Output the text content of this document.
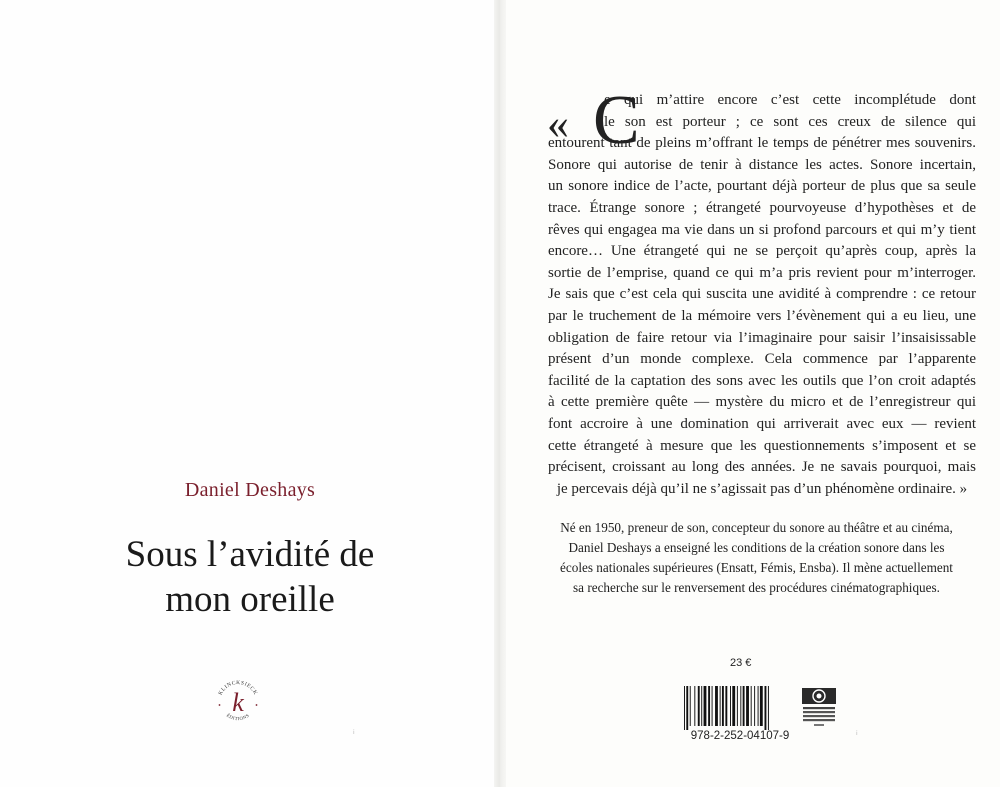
Daniel Deshays
Sous l’avidité de
mon oreille
KLINCKSIECK
ÉDITIONS
k
⁞
« C
e qui m’attire encore c’est cette incomplétude dont
le son est porteur ; ce sont ces creux de silence qui
entourent tant de pleins m’offrant le temps de pénétrer mes souvenirs.
Sonore qui autorise de tenir à distance les actes. Sonore incertain,
un sonore indice de l’acte, pourtant déjà porteur de plus que sa seule
trace. Étrange sonore ; étrangeté pourvoyeuse d’hypothèses et de
rêves qui engagea ma vie dans un si profond parcours et qui m’y tient
encore… Une étrangeté qui ne se perçoit qu’après coup, après la
sortie de l’emprise, quand ce qui m’a pris revient pour m’interroger.
Je sais que c’est cela qui suscita une avidité à comprendre : ce retour
par le truchement de la mémoire vers l’évènement qui a eu lieu, une
obligation de faire retour via l’imaginaire pour saisir l’insaisissable
présent d’un monde complexe. Cela commence par l’apparente
facilité de la captation des sons avec les outils que l’on croit adaptés
à cette première quête — mystère du micro et de l’enregistreur qui
font accroire à une domination qui arriverait avec eux — revient
cette étrangeté à mesure que les questionnements s’imposent et se
précisent, croissant au long des années. Je ne savais pourquoi, mais
je percevais déjà qu’il ne s’agissait pas d’un phénomène ordinaire. »
Né en 1950, preneur de son, concepteur du sonore au théâtre et au cinéma,
Daniel Deshays a enseigné les conditions de la création sonore dans les
écoles nationales supérieures (Ensatt, Fémis, Ensba). Il mène actuellement
sa recherche sur le renversement des procédures cinématographiques.
23 €
978-2-252-04107-9	⁞
